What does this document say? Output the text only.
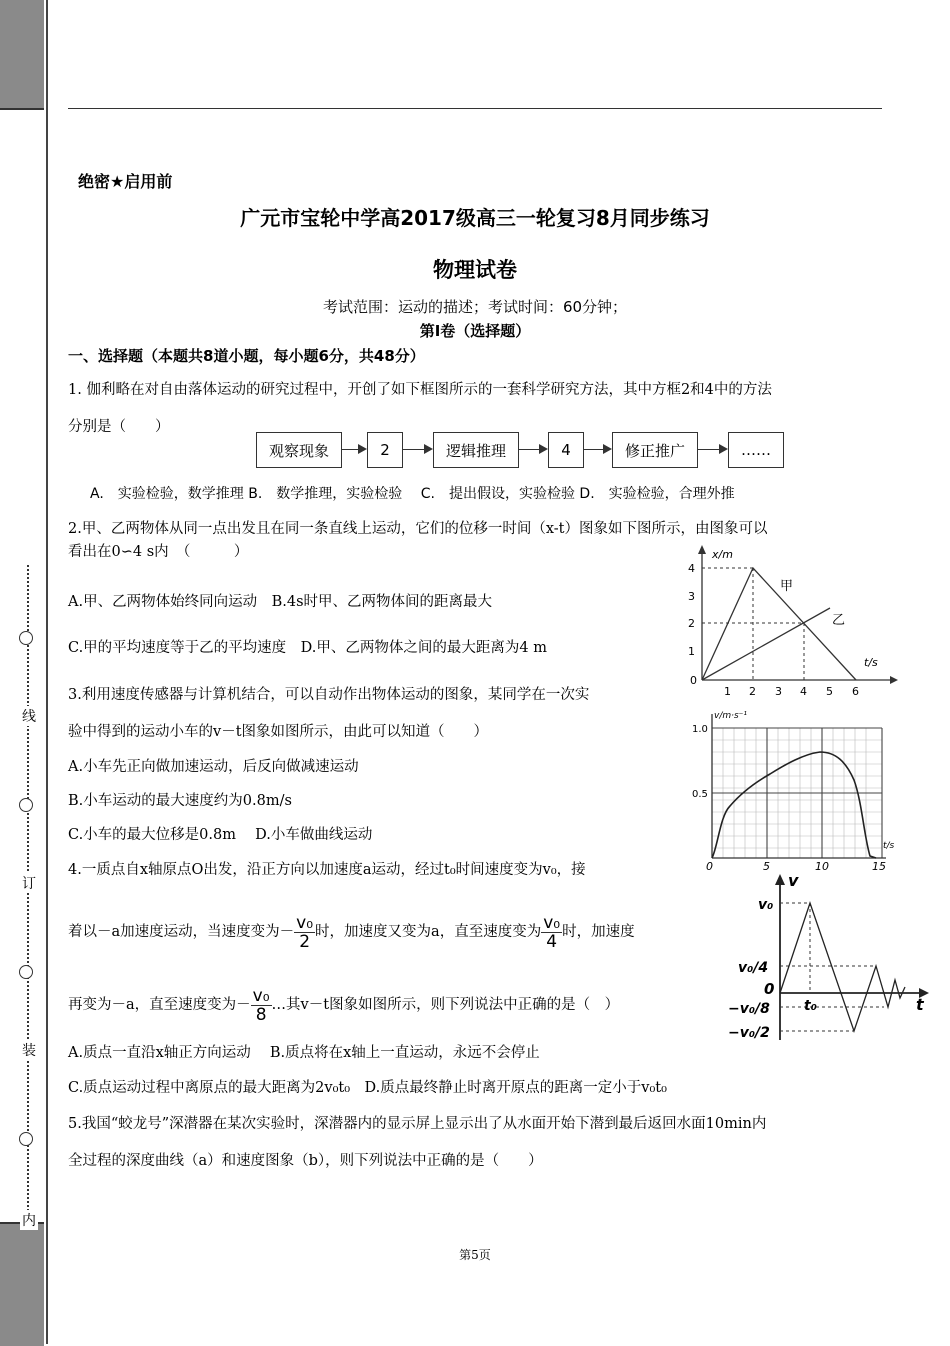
线
订
装
内
绝密★启用前
广元市宝轮中学高2017级高三一轮复习8月同步练习
物理试卷
考试范围：运动的描述；考试时间：60分钟；
第I卷（选择题）
一、选择题（本题共8道小题，每小题6分，共48分）
1. 伽利略在对自由落体运动的研究过程中，开创了如下框图所示的一套科学研究方法，其中方框2和4中的方法
分别是（　　）
观察现象	2	逻辑推理	4	修正推广	……
A.　实验检验，数学推理 B.　数学推理，实验检验　 C.　提出假设，实验检验 D.　实验检验，合理外推
2.甲、乙两物体从同一点出发且在同一条直线上运动，它们的位移一时间（x-t）图象如下图所示，由图象可以
看出在0∽4 s内　（　　　）
A.甲、乙两物体始终同向运动　B.4s时甲、乙两物体间的距离最大
C.甲的平均速度等于乙的平均速度　D.甲、乙两物体之间的最大距离为4 m
x/m
t/s
4
3
2
1
0
1 2 3 4 5 6
甲
乙
3.利用速度传感器与计算机结合，可以自动作出物体运动的图象，某同学在一次实
验中得到的运动小车的v－t图象如图所示，由此可以知道（　　）
A.小车先正向做加速运动，后反向做减速运动
B.小车运动的最大速度约为0.8m/s
C.小车的最大位移是0.8m　 D.小车做曲线运动
v/m·s⁻¹
t/s
1.0
0.5
0	5	10	15
4.一质点自x轴原点O出发，沿正方向以加速度a运动，经过t₀时间速度变为v₀，接
着以－a加速度运动，当速度变为－ $\frac{\text{v₀}}{2}$ 时，加速度又变为a，直至速度变为 $\frac{\text{v₀}}{4}$ 时，加速度
再变为－a，直至速度变为－ $\frac{\text{v₀}}{8}$ …其v－t图象如图所示，则下列说法中正确的是（　）
A.质点一直沿x轴正方向运动　 B.质点将在x轴上一直运动，永远不会停止
C.质点运动过程中离原点的最大距离为2v₀t₀　D.质点最终静止时离开原点的距离一定小于v₀t₀
v
t
v₀
v₀/4
0
−v₀/8
−v₀/2
t₀
5.我国“蛟龙号”深潜器在某次实验时，深潜器内的显示屏上显示出了从水面开始下潜到最后返回水面10min内
全过程的深度曲线（a）和速度图象（b），则下列说法中正确的是（　　）
第5页
